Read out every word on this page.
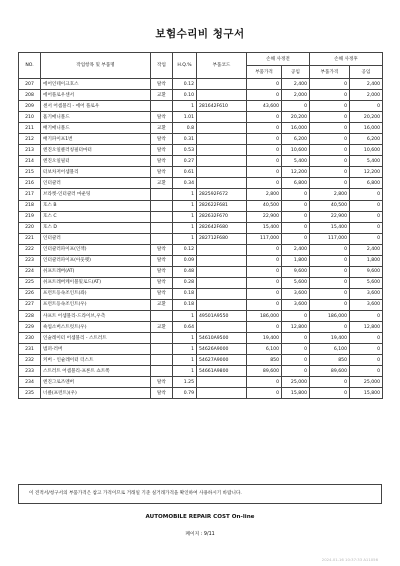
보험수리비 청구서
NO.	작업항목 및 부품명	작업	H.Q.%	부품코드	손해 사정전		손해 사정후	
					부품가격	공임	부품가격	공임
207	에어인테이크호스	탈착	0.12		0	2,400	0	2,400
208	에어플로우센서	교환	0.10		0	2,000	0	2,000
209	센서 어셈블리 - 에어 플로우		1	281642F610	43,600	0	0	0
210	흡기매니폴드	탈착	1.01		0	20,200	0	20,200
211	배기매니폴드	교환	0.8		0	16,000	0	16,000
212	배기파이프1번	탈착	0.31		0	6,200	0	6,200
213	엔진오일클러칭필터마터	탈착	0.53		0	10,600	0	10,600
214	엔진오일필터	탈착	0.27		0	5,400	0	5,400
215	터보차저어셈블리	탈착	0.61		0	12,200	0	12,200
216	인터쿨러	교환	0.34		0	6,800	0	6,800
217	브라켓-인터쿨러 마운팅		1	282592F672	2,800	0	2,800	0
218	호스 B		1	282622F681	40,500	0	40,500	0
219	호스 C		1	282632F670	22,900	0	22,900	0
220	호스 D		1	282642F680	15,400	0	15,400	0
221	인터쿨러		1	282712F680	117,000	0	117,000	0
222	인터쿨러파이프(인젝)	탈착	0.12		0	2,400	0	2,400
223	인터쿨러파이프(아웃렛)	탈착	0.09		0	1,800	0	1,800
224	쉬프트레버(AT)	탈착	0.48		0	9,600	0	9,600
225	쉬프트레버케이블및로드(AT)	탈착	0.28		0	5,600	0	5,600
226	프런트등속조인트(좌)	탈착	0.18		0	3,600	0	3,600
227	프런트등속조인트(우)	교환	0.18		0	3,600	0	3,600
228	샤프트 어셈블리-드라이브,우측		1	49501A9550	186,000	0	186,000	0
229	쇽업소버스트럿트(우)	교환	0.64		0	12,800	0	12,800
230	인슐레이터 어셈블리 - 스트러트		1	54610A9500	19,400	0	19,400	0
231	범퍼-러버		1	54626A9000	6,100	0	6,100	0
232	커버 - 인슐레이터 더스트		1	54627A9000	850	0	850	0
233	스트러트 어셈블리-프론트 쇼트쪽		1	54661A9800	89,600	0	89,600	0
234	엔진그로즈멘버	탈착	1.25		0	25,000	0	25,000
235	너클(프런트)(우)	탈착	0.79		0	15,800	0	15,800
이 견적서/청구서의 부품가격은 참고 가격이므로 거래일 기준 실거래가격을 확인하여 사용하시기 바랍니다.
AUTOMOBILE REPAIR COST On-line
페이지 : 9/11
2024-01-16 10:37:33 A11056
